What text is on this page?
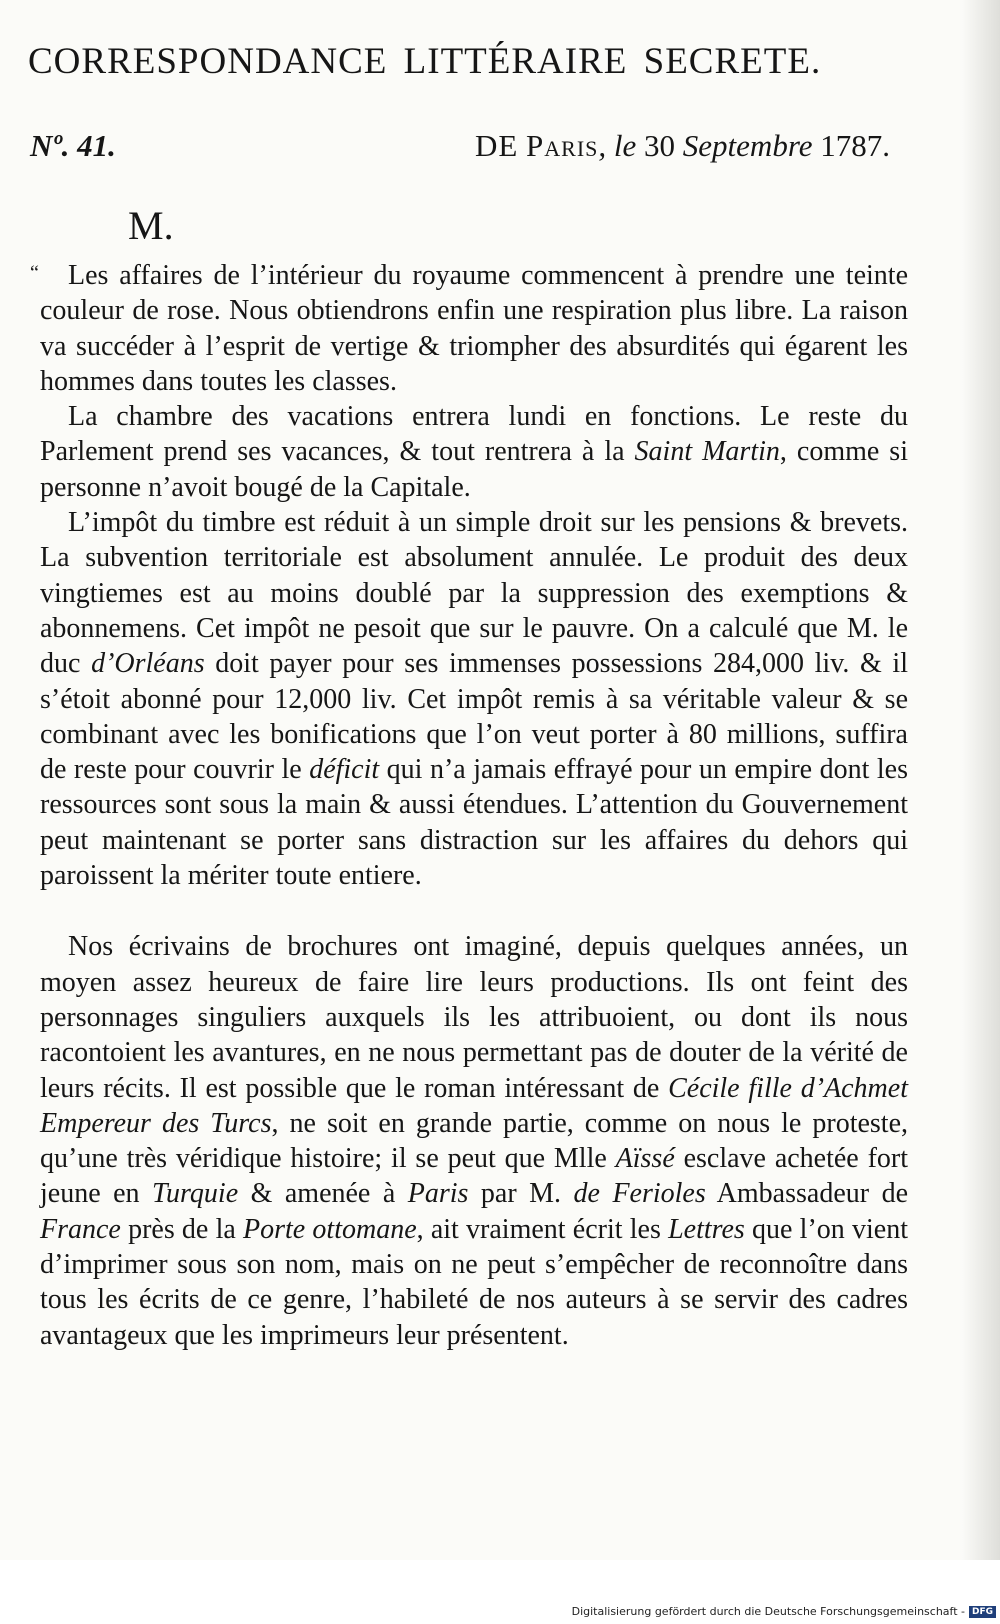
CORRESPONDANCE LITTÉRAIRE SECRETE.
Nº. 41.	DE Paris, le 30 Septembre 1787.
M.
“	Les affaires de l’intérieur du royaume commencent à prendre une teinte couleur de rose. Nous obtiendrons enfin une respiration plus libre. La raison va succéder à l’esprit de vertige & triompher des absurdités qui égarent les hommes dans toutes les classes.

La chambre des vacations entrera lundi en fonctions. Le reste du Parlement prend ses vacances, & tout rentrera à la Saint Martin, comme si personne n’avoit bougé de la Capitale.

L’impôt du timbre est réduit à un simple droit sur les pensions & brevets. La subvention territoriale est absolument annulée. Le produit des deux vingtiemes est au moins doublé par la suppression des exemptions & abonnemens. Cet impôt ne pesoit que sur le pauvre. On a calculé que M. le duc d’Orléans doit payer pour ses immenses possessions 284,000 liv. & il s’étoit abonné pour 12,000 liv. Cet impôt remis à sa véritable valeur & se combinant avec les bonifications que l’on veut porter à 80 millions, suffira de reste pour couvrir le déficit qui n’a jamais effrayé pour un empire dont les ressources sont sous la main & aussi étendues. L’attention du Gouvernement peut maintenant se porter sans distraction sur les affaires du dehors qui paroissent la mériter toute entiere.

Nos écrivains de brochures ont imaginé, depuis quelques années, un moyen assez heureux de faire lire leurs productions. Ils ont feint des personnages singuliers auxquels ils les attribuoient, ou dont ils nous racontoient les avantures, en ne nous permettant pas de douter de la vérité de leurs récits. Il est possible que le roman intéressant de Cécile fille d’Achmet Empereur des Turcs, ne soit en grande partie, comme on nous le proteste, qu’une très véridique histoire; il se peut que Mlle Aïssé esclave achetée fort jeune en Turquie & amenée à Paris par M. de Ferioles Ambassadeur de France près de la Porte ottomane, ait vraiment écrit les Lettres que l’on vient d’imprimer sous son nom, mais on ne peut s’empêcher de reconnoître dans tous les écrits de ce genre, l’habileté de nos auteurs à se servir des cadres avantageux que les imprimeurs leur présentent.

Digitalisierung gefördert durch die Deutsche Forschungsgemeinschaft - DFG
